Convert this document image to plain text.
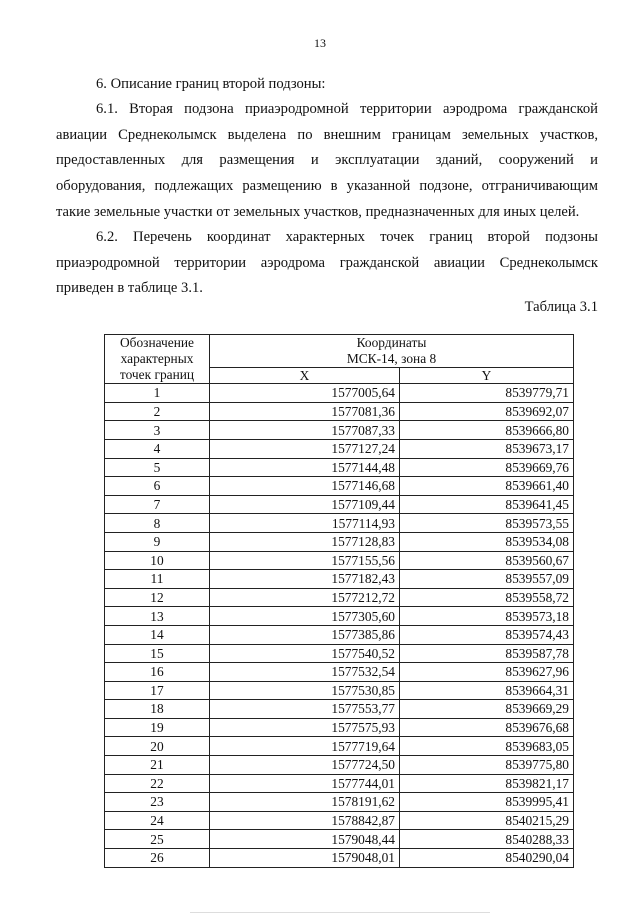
13
6. Описание границ второй подзоны:
6.1. Вторая подзона приаэродромной территории аэродрома гражданской
авиации Среднеколымск выделена по внешним границам земельных участков,
предоставленных для размещения и эксплуатации зданий, сооружений и
оборудования, подлежащих размещению в указанной подзоне, отграничивающим
такие земельные участки от земельных участков, предназначенных для иных целей.
6.2. Перечень координат характерных точек границ второй подзоны
приаэродромной территории аэродрома гражданской авиации Среднеколымск
приведен в таблице 3.1.
Таблица 3.1
Обозначение характерных точек границ	Координаты
МСК-14, зона 8	
	X	Y
1	1577005,64	8539779,71
2	1577081,36	8539692,07
3	1577087,33	8539666,80
4	1577127,24	8539673,17
5	1577144,48	8539669,76
6	1577146,68	8539661,40
7	1577109,44	8539641,45
8	1577114,93	8539573,55
9	1577128,83	8539534,08
10	1577155,56	8539560,67
11	1577182,43	8539557,09
12	1577212,72	8539558,72
13	1577305,60	8539573,18
14	1577385,86	8539574,43
15	1577540,52	8539587,78
16	1577532,54	8539627,96
17	1577530,85	8539664,31
18	1577553,77	8539669,29
19	1577575,93	8539676,68
20	1577719,64	8539683,05
21	1577724,50	8539775,80
22	1577744,01	8539821,17
23	1578191,62	8539995,41
24	1578842,87	8540215,29
25	1579048,44	8540288,33
26	1579048,01	8540290,04
